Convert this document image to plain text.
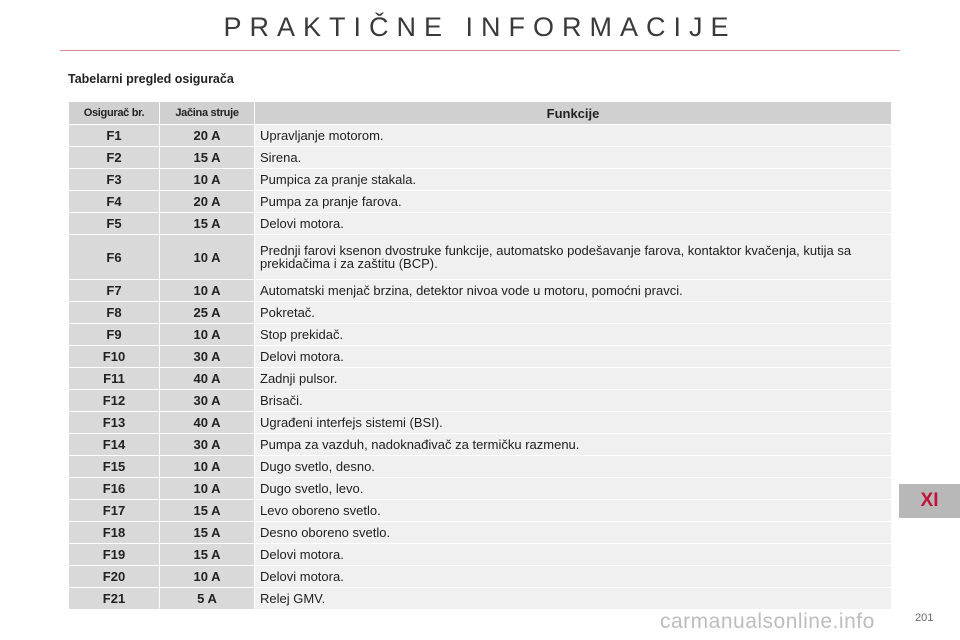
PRAKTIČNE INFORMACIJE
Tabelarni pregled osigurača
Osigurač br.	Jačina struje	Funkcije
F1	20 A	Upravljanje motorom.
F2	15 A	Sirena.
F3	10 A	Pumpica za pranje stakala.
F4	20 A	Pumpa za pranje farova.
F5	15 A	Delovi motora.
F6	10 A	Prednji farovi ksenon dvostruke funkcije, automatsko podešavanje farova, kontaktor kvačenja, kutija sa prekidačima i za zaštitu (BCP).
F7	10 A	Automatski menjač brzina, detektor nivoa vode u motoru, pomoćni pravci.
F8	25 A	Pokretač.
F9	10 A	Stop prekidač.
F10	30 A	Delovi motora.
F11	40 A	Zadnji pulsor.
F12	30 A	Brisači.
F13	40 A	Ugrađeni interfejs sistemi (BSI).
F14	30 A	Pumpa za vazduh, nadoknađivač za termičku razmenu.
F15	10 A	Dugo svetlo, desno.
F16	10 A	Dugo svetlo, levo.
F17	15 A	Levo oboreno svetlo.
F18	15 A	Desno oboreno svetlo.
F19	15 A	Delovi motora.
F20	10 A	Delovi motora.
F21	5 A	Relej GMV.
XI
201
carmanualsonline.info
